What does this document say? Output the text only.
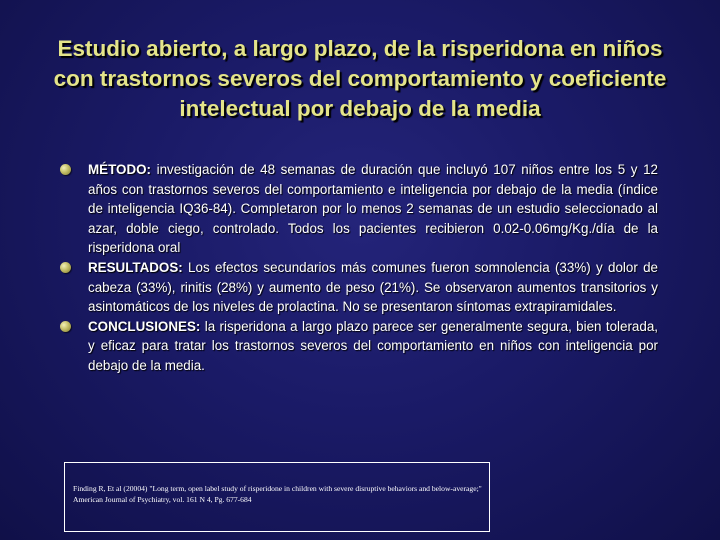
Estudio abierto, a largo plazo, de la risperidona en niños con trastornos severos del comportamiento y coeficiente intelectual por debajo de la media
MÉTODO: investigación de 48 semanas de duración que incluyó 107 niños entre los 5 y 12 años con trastornos severos del comportamiento e inteligencia por debajo de la media (índice de inteligencia IQ36-84). Completaron por lo menos 2 semanas de un estudio seleccionado al azar, doble ciego, controlado. Todos los pacientes recibieron 0.02-0.06mg/Kg./día de la risperidona oral
RESULTADOS: Los efectos secundarios más comunes fueron somnolencia (33%) y dolor de cabeza (33%), rinitis (28%) y aumento de peso (21%). Se observaron aumentos transitorios y asintomáticos de los niveles de prolactina. No se presentaron síntomas extrapiramidales.
CONCLUSIONES: la risperidona a largo plazo parece ser generalmente segura, bien tolerada, y eficaz para tratar los trastornos severos del comportamiento en niños con inteligencia por debajo de la media.
Finding R, Et al (20004) "Long term, open label study of risperidone in children with severe disruptive behaviors and below-average;" American Journal of Psychiatry, vol. 161 N 4, Pg. 677-684
